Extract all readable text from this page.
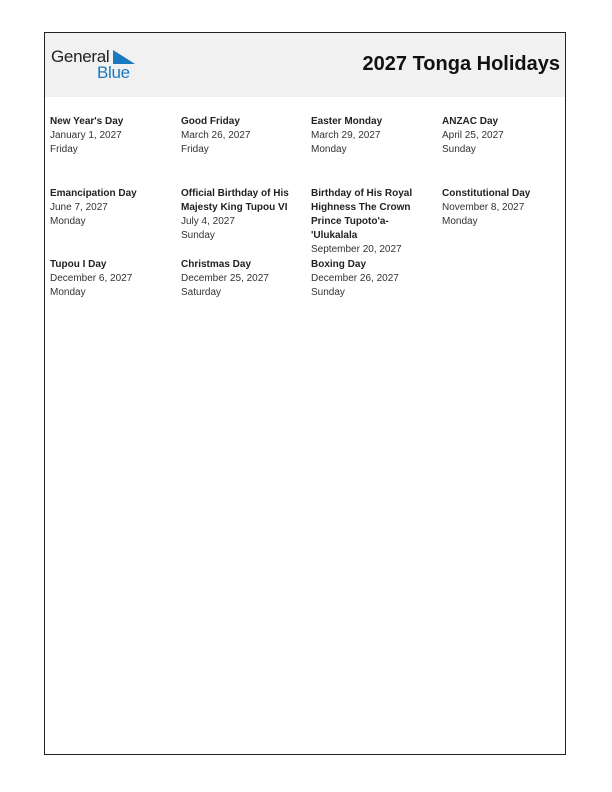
General
Blue	2027 Tonga Holidays
New Year's Day
January 1, 2027
Friday
Good Friday
March 26, 2027
Friday
Easter Monday
March 29, 2027
Monday
ANZAC Day
April 25, 2027
Sunday
Emancipation Day
June 7, 2027
Monday
Official Birthday of His Majesty King Tupou VI
July 4, 2027
Sunday
Birthday of His Royal Highness The Crown Prince Tupoto'a-'Ulukalala
September 20, 2027
Constitutional Day
November 8, 2027
Monday
Tupou I Day
December 6, 2027
Monday
Christmas Day
December 25, 2027
Saturday
Boxing Day
December 26, 2027
Sunday
